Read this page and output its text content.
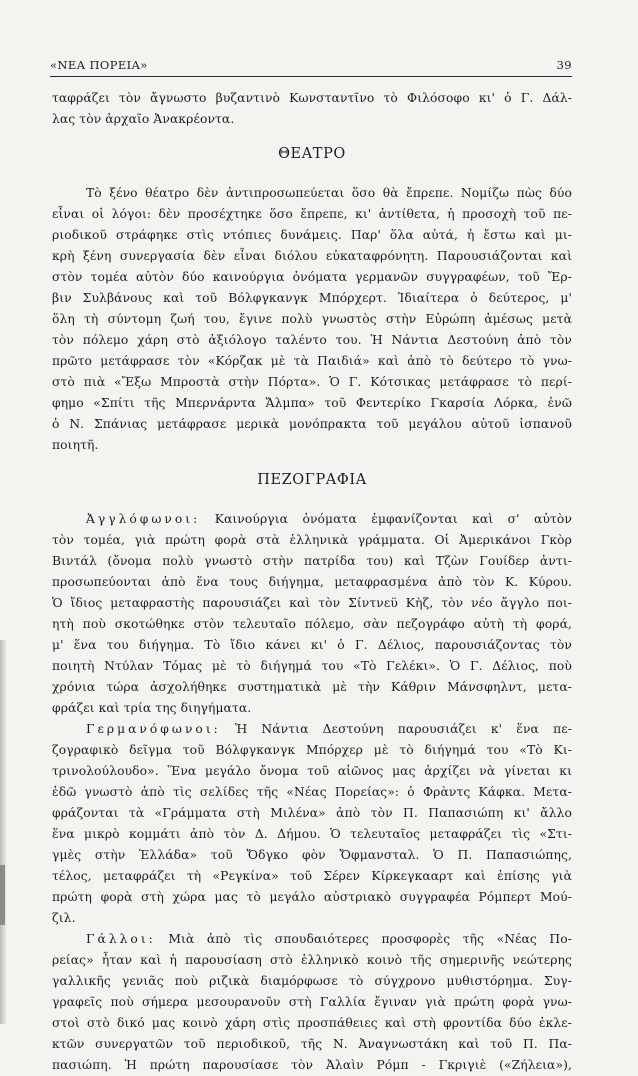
«ΝΕΑ ΠΟΡΕΙΑ»	39
ταφράζει τὸν ἄγνωστο βυζαντινὸ Κωνσταντῖνο τὸ Φιλόσοφο κι' ὁ Γ. Δάλ-
λας τὸν ἀρχαῖο Ἀνακρέοντα.
ΘΕΑΤΡΟ
Τὸ ξένο θέατρο δὲν ἀντιπροσωπεύεται ὅσο θὰ ἔπρεπε. Νομίζω πὼς δύο
εἶναι οἱ λόγοι: δὲν προσέχτηκε ὅσο ἔπρεπε, κι' ἀντίθετα, ἡ προσοχὴ τοῦ πε-
ριοδικοῦ στράφηκε στὶς ντόπιες δυνάμεις. Παρ' ὅλα αὐτά, ἡ ἔστω καὶ μι-
κρὴ ξένη συνεργασία δὲν εἶναι διόλου εὐκαταφρόνητη. Παρουσιάζονται καὶ
στὸν τομέα αὐτὸν δύο καινούργια ὀνόματα γερμανῶν συγγραφέων, τοῦ Ἔρ-
βιν Συλβάνους καὶ τοῦ Βόλφγκανγκ Μπόρχερτ. Ἰδιαίτερα ὁ δεύτερος, μ'
ὅλη τὴ σύντομη ζωή του, ἔγινε πολὺ γνωστὸς στὴν Εὐρώπη ἀμέσως μετὰ
τὸν πόλεμο χάρη στὸ ἀξιόλογο ταλέντο του. Ἡ Νάντια Δεστούνη ἀπὸ τὸν
πρῶτο μετάφρασε τὸν «Κόρζακ μὲ τὰ Παιδιά» καὶ ἀπὸ τὸ δεύτερο τὸ γνω-
στὸ πιὰ «Ἔξω Μπροστὰ στὴν Πόρτα». Ὁ Γ. Κότσικας μετάφρασε τὸ περί-
φημο «Σπίτι τῆς Μπερνάρντα Ἄλμπα» τοῦ Φεντερίκο Γκαρσία Λόρκα, ἐνῶ
ὁ Ν. Σπάνιας μετάφρασε μερικὰ μονόπρακτα τοῦ μεγάλου αὐτοῦ ἱσπανοῦ
ποιητῆ.
ΠΕΖΟΓΡΑΦΙΑ
Ἀγγλόφωνοι: Καινούργια ὀνόματα ἐμφανίζονται καὶ σ' αὐτὸν
τὸν τομέα, γιὰ πρώτη φορὰ στὰ ἑλληνικὰ γράμματα. Οἱ Ἀμερικάνοι Γκὸρ
Βιντάλ (ὄνομα πολὺ γνωστὸ στὴν πατρίδα του) καὶ Τζὼν Γουίδερ ἀντι-
προσωπεύονται ἀπὸ ἕνα τους διήγημα, μεταφρασμένα ἀπὸ τὸν Κ. Κύρου.
Ὁ ἴδιος μεταφραστὴς παρουσιάζει καὶ τὸν Σίντνεϋ Κὴζ, τὸν νέο ἄγγλο ποι-
ητὴ ποὺ σκοτώθηκε στὸν τελευταῖο πόλεμο, σὰν πεζογράφο αὐτὴ τὴ φορά,
μ' ἕνα του διήγημα. Τὸ ἴδιο κάνει κι' ὁ Γ. Δέλιος, παρουσιάζοντας τὸν
ποιητὴ Ντύλαν Τόμας μὲ τὸ διήγημά του «Τὸ Γελέκι». Ὁ Γ. Δέλιος, ποὺ
χρόνια τώρα ἀσχολήθηκε συστηματικὰ μὲ τὴν Κάθριν Μάνσφηλντ, μετα-
φράζει καὶ τρία της διηγήματα.
Γερμανόφωνοι: Ἡ Νάντια Δεστούνη παρουσιάζει κ' ἕνα πε-
ζογραφικὸ δεῖγμα τοῦ Βόλφγκανγκ Μπόρχερ μὲ τὸ διήγημά του «Τὸ Κι-
τρινολούλουδο». Ἕνα μεγάλο ὄνομα τοῦ αἰῶνος μας ἀρχίζει νὰ γίνεται κι
ἐδῶ γνωστὸ ἀπὸ τὶς σελίδες τῆς «Νέας Πορείας»: ὁ Φρὰντς Κάφκα. Μετα-
φράζονται τὰ «Γράμματα στὴ Μιλένα» ἀπὸ τὸν Π. Παπασιώπη κι' ἄλλο
ἕνα μικρὸ κομμάτι ἀπὸ τὸν Δ. Δήμου. Ὁ τελευταῖος μεταφράζει τὶς «Στι-
γμὲς στὴν Ἑλλάδα» τοῦ Ὄδγκο φὸν Ὄφμανσταλ. Ὁ Π. Παπασιώπης,
τέλος, μεταφράζει τὴ «Ρεγκίνα» τοῦ Σέρεν Κίρκεγκααρτ καὶ ἐπίσης γιὰ
πρώτη φορὰ στὴ χώρα μας τὸ μεγάλο αὐστριακὸ συγγραφέα Ρόμπερτ Μού-
ζιλ.
Γάλλοι: Μιὰ ἀπὸ τὶς σπουδαιότερες προσφορὲς τῆς «Νέας Πο-
ρείας» ἦταν καὶ ἡ παρουσίαση στὸ ἑλληνικὸ κοινὸ τῆς σημερινῆς νεώτερης
γαλλικῆς γενιᾶς ποὺ ριζικὰ διαμόρφωσε τὸ σύγχρονο μυθιστόρημα. Συγ-
γραφεῖς ποὺ σήμερα μεσουρανοῦν στὴ Γαλλία ἔγιναν γιὰ πρώτη φορὰ γνω-
στοὶ στὸ δικό μας κοινὸ χάρη στὶς προσπάθειες καὶ στὴ φροντίδα δύο ἐκλε-
κτῶν συνεργατῶν τοῦ περιοδικοῦ, τῆς Ν. Ἀναγνωστάκη καὶ τοῦ Π. Πα-
πασιώπη. Ἡ πρώτη παρουσίασε τὸν Ἀλαὶν Ρόμπ - Γκριγιὲ («Ζήλεια»),
